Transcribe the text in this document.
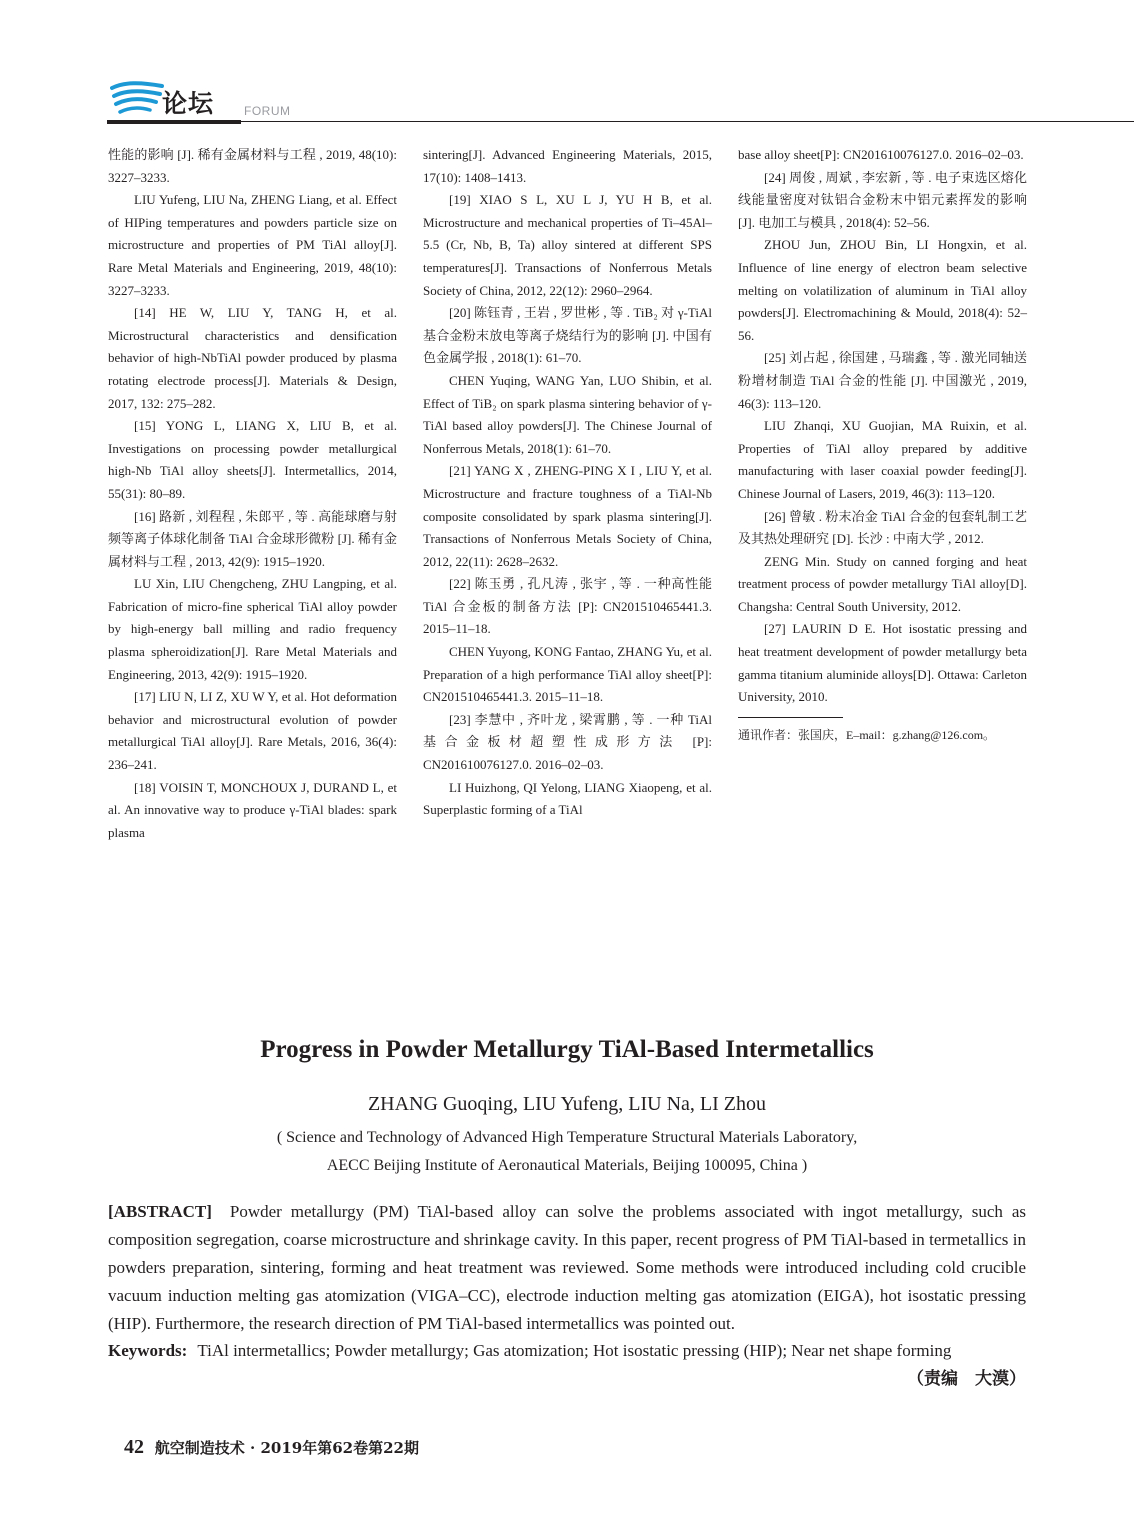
论坛 FORUM

性能的影响 [J]. 稀有金属材料与工程 , 2019, 48(10): 3227–3233.

LIU Yufeng, LIU Na, ZHENG Liang, et al. Effect of HIPing temperatures and powders particle size on microstructure and properties of PM TiAl alloy[J]. Rare Metal Materials and Engineering, 2019, 48(10): 3227–3233.

[14] HE W, LIU Y, TANG H, et al. Microstructural characteristics and densification behavior of high-NbTiAl powder produced by plasma rotating electrode process[J]. Materials & Design, 2017, 132: 275–282.

[15] YONG L, LIANG X, LIU B, et al. Investigations on processing powder metallurgical high-Nb TiAl alloy sheets[J]. Intermetallics, 2014, 55(31): 80–89.

[16] 路新 , 刘程程 , 朱郎平 , 等 . 高能球磨与射频等离子体球化制备 TiAl 合金球形微粉 [J]. 稀有金属材料与工程 , 2013, 42(9): 1915–1920.

LU Xin, LIU Chengcheng, ZHU Langping, et al. Fabrication of micro-fine spherical TiAl alloy powder by high-energy ball milling and radio frequency plasma spheroidization[J]. Rare Metal Materials and Engineering, 2013, 42(9): 1915–1920.

[17] LIU N, LI Z, XU W Y, et al. Hot deformation behavior and microstructural evolution of powder metallurgical TiAl alloy[J]. Rare Metals, 2016, 36(4): 236–241.

[18] VOISIN T, MONCHOUX J, DURAND L, et al. An innovative way to produce γ-TiAl blades: spark plasma

sintering[J]. Advanced Engineering Materials, 2015, 17(10): 1408–1413.

[19] XIAO S L, XU L J, YU H B, et al. Microstructure and mechanical properties of Ti–45Al–5.5 (Cr, Nb, B, Ta) alloy sintered at different SPS temperatures[J]. Transactions of Nonferrous Metals Society of China, 2012, 22(12): 2960–2964.

[20] 陈钰青 , 王岩 , 罗世彬 , 等 . TiB₂ 对 γ-TiAl 基合金粉末放电等离子烧结行为的影响 [J]. 中国有色金属学报 , 2018(1): 61–70.

CHEN Yuqing, WANG Yan, LUO Shibin, et al. Effect of TiB₂ on spark plasma sintering behavior of γ-TiAl based alloy powders[J]. The Chinese Journal of Nonferrous Metals, 2018(1): 61–70.

[21] YANG X , ZHENG-PING X I , LIU Y, et al. Microstructure and fracture toughness of a TiAl-Nb composite consolidated by spark plasma sintering[J]. Transactions of Nonferrous Metals Society of China, 2012, 22(11): 2628–2632.

[22] 陈玉勇 , 孔凡涛 , 张宇 , 等 . 一种高性能 TiAl 合金板的制备方法 [P]: CN201510465441.3. 2015–11–18.

CHEN Yuyong, KONG Fantao, ZHANG Yu, et al. Preparation of a high performance TiAl alloy sheet[P]: CN201510465441.3. 2015–11–18.

[23] 李慧中 , 齐叶龙 , 梁霄鹏 , 等 . 一种 TiAl 基合金板材超塑性成形方法 [P]: CN201610076127.0. 2016–02–03.

LI Huizhong, QI Yelong, LIANG Xiaopeng, et al. Superplastic forming of a TiAl

base alloy sheet[P]: CN201610076127.0. 2016–02–03.

[24] 周俊 , 周斌 , 李宏新 , 等 . 电子束选区熔化线能量密度对钛铝合金粉末中铝元素挥发的影响 [J]. 电加工与模具 , 2018(4): 52–56.

ZHOU Jun, ZHOU Bin, LI Hongxin, et al. Influence of line energy of electron beam selective melting on volatilization of aluminum in TiAl alloy powders[J]. Electromachining & Mould, 2018(4): 52–56.

[25] 刘占起 , 徐国建 , 马瑞鑫 , 等 . 激光同轴送粉增材制造 TiAl 合金的性能 [J]. 中国激光 , 2019, 46(3): 113–120.

LIU Zhanqi, XU Guojian, MA Ruixin, et al. Properties of TiAl alloy prepared by additive manufacturing with laser coaxial powder feeding[J]. Chinese Journal of Lasers, 2019, 46(3): 113–120.

[26] 曾敏 . 粉末冶金 TiAl 合金的包套轧制工艺及其热处理研究 [D]. 长沙 : 中南大学 , 2012.

ZENG Min. Study on canned forging and heat treatment process of powder metallurgy TiAl alloy[D]. Changsha: Central South University, 2012.

[27] LAURIN D E. Hot isostatic pressing and heat treatment development of powder metallurgy beta gamma titanium aluminide alloys[D]. Ottawa: Carleton University, 2010.

通讯作者：张国庆，E–mail：g.zhang@126.com。

Progress in Powder Metallurgy TiAl-Based Intermetallics
ZHANG Guoqing, LIU Yufeng, LIU Na, LI Zhou
( Science and Technology of Advanced High Temperature Structural Materials Laboratory,
AECC Beijing Institute of Aeronautical Materials, Beijing 100095, China )
[ABSTRACT] Powder metallurgy (PM) TiAl-based alloy can solve the problems associated with ingot metallurgy, such as composition segregation, coarse microstructure and shrinkage cavity. In this paper, recent progress of PM TiAl-based in termetallics in powders preparation, sintering, forming and heat treatment was reviewed. Some methods were introduced including cold crucible vacuum induction melting gas atomization (VIGA–CC), electrode induction melting gas atomization (EIGA), hot isostatic pressing (HIP). Furthermore, the research direction of PM TiAl-based intermetallics was pointed out.
Keywords: TiAl intermetallics; Powder metallurgy; Gas atomization; Hot isostatic pressing (HIP); Near net shape forming
（责编　大漠）
42 航空制造技术 · 2019年第62卷第22期
